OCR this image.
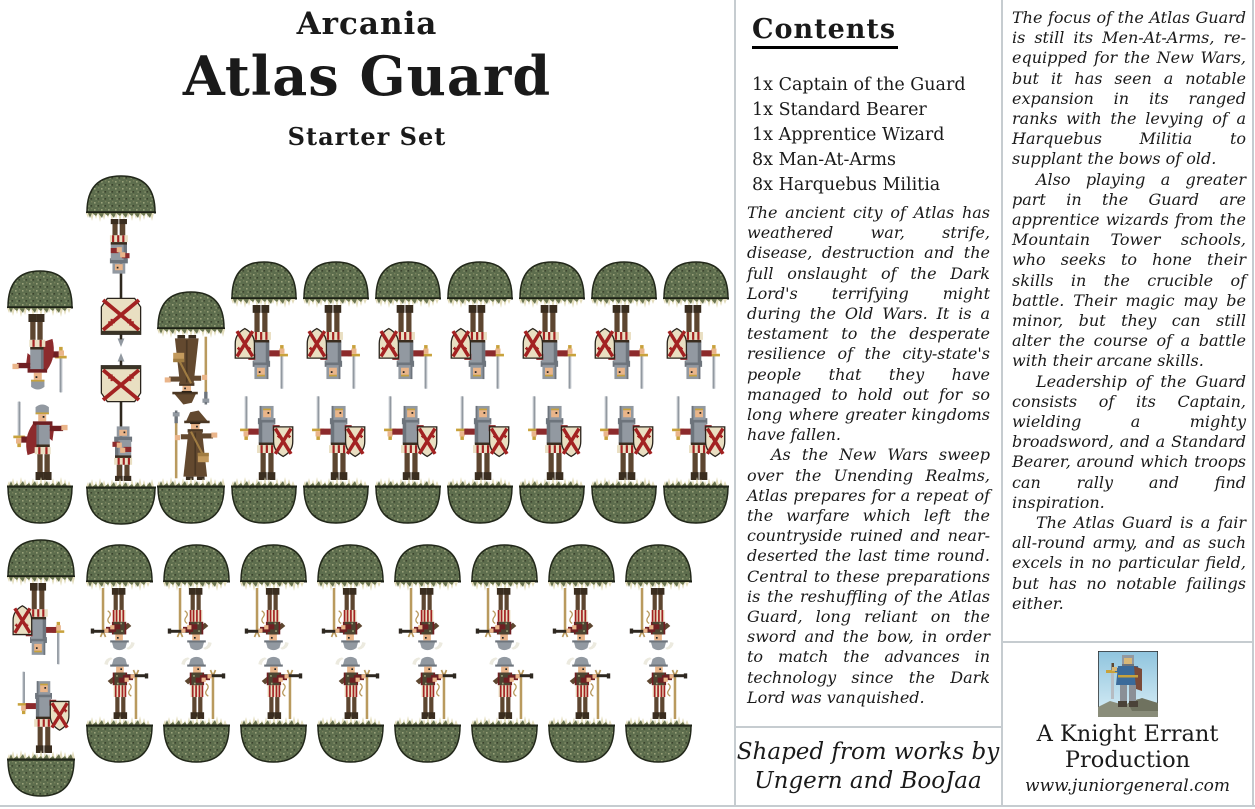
Arcania
Atlas Guard
Starter Set
Contents
1x Captain of the Guard
1x Standard Bearer
1x Apprentice Wizard
8x Man-At-Arms
8x Harquebus Militia

The ancient city of Atlas has weathered war, strife, disease, destruction and the full onslaught of the Dark Lord's terrifying might during the Old Wars. It is a testament to the desperate resilience of the city-state's people that they have managed to hold out for so long where greater kingdoms have fallen.

As the New Wars sweep over the Unending Realms, Atlas prepares for a repeat of the warfare which left the countryside ruined and near-deserted the last time round. Central to these preparations is the reshuffling of the Atlas Guard, long reliant on the sword and the bow, in order to match the advances in technology since the Dark Lord was vanquished.

The focus of the Atlas Guard is still its Men-At-Arms, re-equipped for the New Wars, but it has seen a notable expansion in its ranged ranks with the levying of a Harquebus Militia to supplant the bows of old.

Also playing a greater part in the Guard are apprentice wizards from the Mountain Tower schools, who seeks to hone their skills in the crucible of battle. Their magic may be minor, but they can still alter the course of a battle with their arcane skills.

Leadership of the Guard consists of its Captain, wielding a mighty broadsword, and a Standard Bearer, around which troops can rally and find inspiration.

The Atlas Guard is a fair all-round army, and as such excels in no particular field, but has no notable failings either.

Shaped from works by
Ungern and BooJaa
A Knight Errant
Production
www.juniorgeneral.com
